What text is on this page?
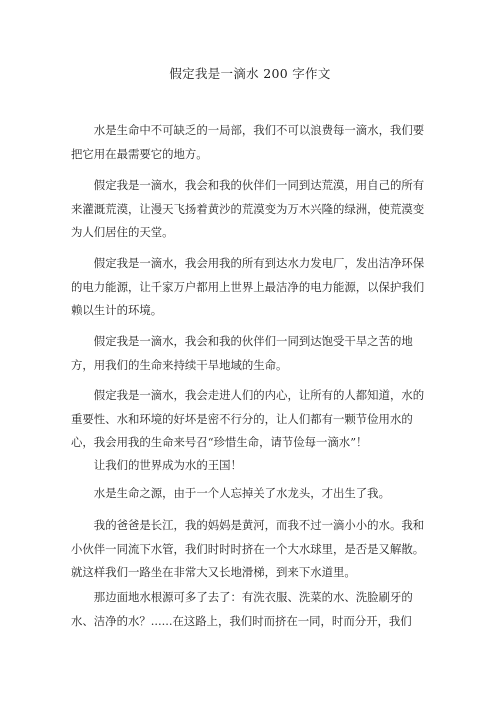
假定我是一滴水 200 字作文

水是生命中不可缺乏的一局部，我们不可以浪费每一滴水，我们要把它用在最需要它的地方。

假定我是一滴水，我会和我的伙伴们一同到达荒漠，用自己的所有来灌溉荒漠，让漫天飞扬着黄沙的荒漠变为万木兴隆的绿洲，使荒漠变为人们居住的天堂。

假定我是一滴水，我会用我的所有到达水力发电厂，发出洁净环保的电力能源，让千家万户都用上世界上最洁净的电力能源，以保护我们赖以生计的环境。

假定我是一滴水，我会和我的伙伴们一同到达饱受干旱之苦的地方，用我们的生命来持续干旱地域的生命。

假定我是一滴水，我会走进人们的内心，让所有的人都知道，水的重要性、水和环境的好坏是密不行分的，让人们都有一颗节俭用水的心，我会用我的生命来号召“珍惜生命，请节俭每一滴水”！

让我们的世界成为水的王国！

水是生命之源，由于一个人忘掉关了水龙头，才出生了我。

我的爸爸是长江，我的妈妈是黄河，而我不过一滴小小的水。我和小伙伴一同流下水管，我们时时时挤在一个大水球里，是否是又解散。就这样我们一路坐在非常大又长地滑梯，到来下水道里。

那边面地水根源可多了去了：有洗衣服、洗菜的水、洗脸刷牙的水、洁净的水？......在这路上，我们时而挤在一同，时而分开，我们
